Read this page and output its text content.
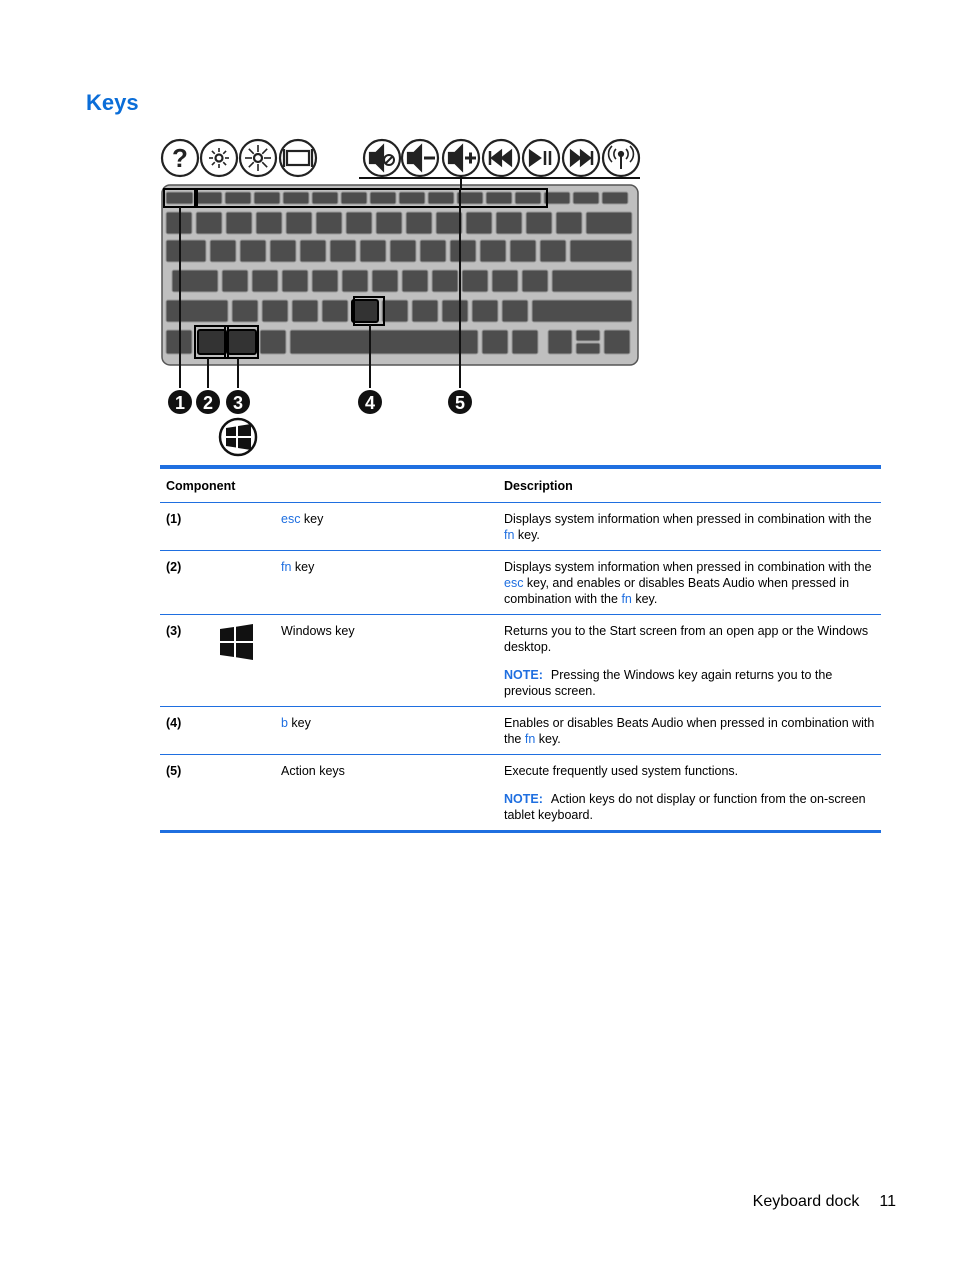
Keys
?
1 2 3	4	5
Component			Description
(1)		esc key	Displays system information when pressed in combination with the fn key.

(2)		fn key	Displays system information when pressed in combination with the esc key, and enables or disables Beats Audio when pressed in combination with the fn key.

(3)		Windows key	Returns you to the Start screen from an open app or the Windows desktop.
NOTE: Pressing the Windows key again returns you to the previous screen.

(4)		b key	Enables or disables Beats Audio when pressed in combination with the fn key.

(5)		Action keys	Execute frequently used system functions.
NOTE: Action keys do not display or function from the on-screen tablet keyboard.
Keyboard dock 11
